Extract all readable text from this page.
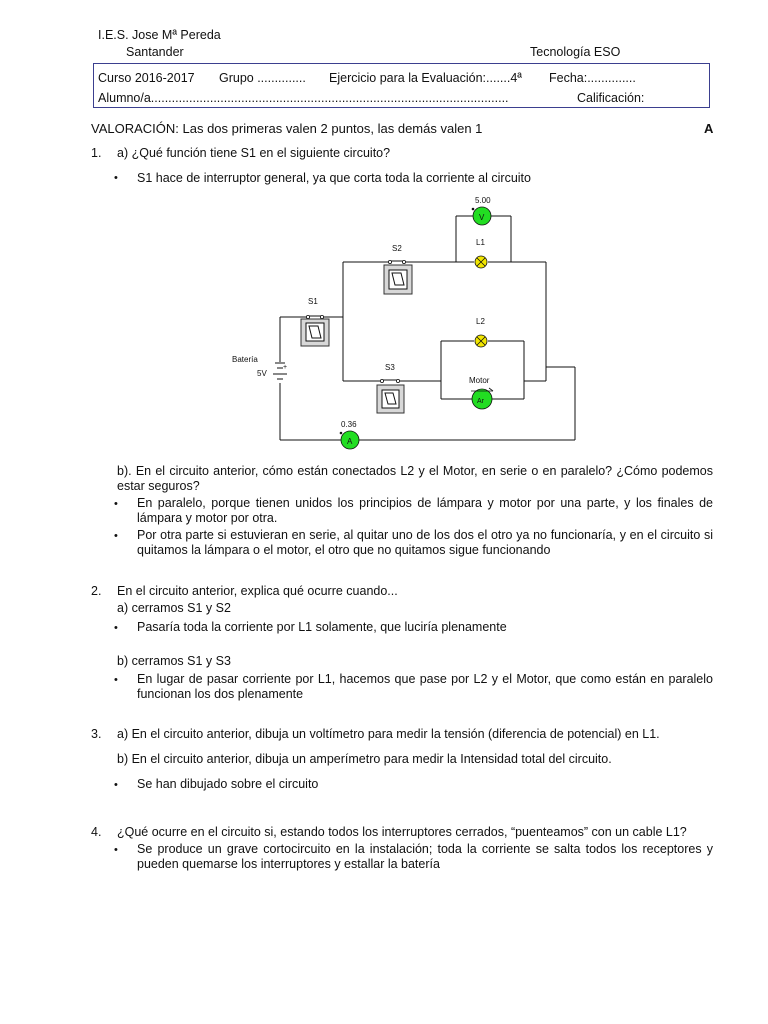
I.E.S. Jose Mª Pereda
Santander	Tecnología ESO
Curso 2016-2017 Grupo .............. Ejercicio para la Evaluación:.......4ª Fecha:..............
Alumno/a.......................................................................................................	Calificación:
VALORACIÓN: Las dos primeras valen 2 puntos, las demás valen 1	A
1. a) ¿Qué función tiene S1 en el siguiente circuito?
• S1 hace de interruptor general, ya que corta toda la corriente al circuito
+
Batería
5V
S1
S2
S3
L1
L2
V
5.00
A
0.36
Ar
Motor
b). En el circuito anterior, cómo están conectados L2 y el Motor, en serie o en paralelo? ¿Cómo podemos estar seguros?
• En paralelo, porque tienen unidos los principios de lámpara y motor por una parte, y los finales de lámpara y motor por otra.
• Por otra parte si estuvieran en serie, al quitar uno de los dos el otro ya no funcionaría, y en el circuito si quitamos la lámpara o el motor, el otro que no quitamos sigue funcionando
2. En el circuito anterior, explica qué ocurre cuando...
a) cerramos S1 y S2
• Pasaría toda la corriente por L1 solamente, que luciría plenamente
b) cerramos S1 y S3
• En lugar de pasar corriente por L1, hacemos que pase por L2 y el Motor, que como están en paralelo funcionan los dos plenamente
3. a) En el circuito anterior, dibuja un voltímetro para medir la tensión (diferencia de potencial) en L1.
b) En el circuito anterior, dibuja un amperímetro para medir la Intensidad total del circuito.
• Se han dibujado sobre el circuito
4. ¿Qué ocurre en el circuito si, estando todos los interruptores cerrados, “puenteamos” con un cable L1?
• Se produce un grave cortocircuito en la instalación; toda la corriente se salta todos los receptores y pueden quemarse los interruptores y estallar la batería
